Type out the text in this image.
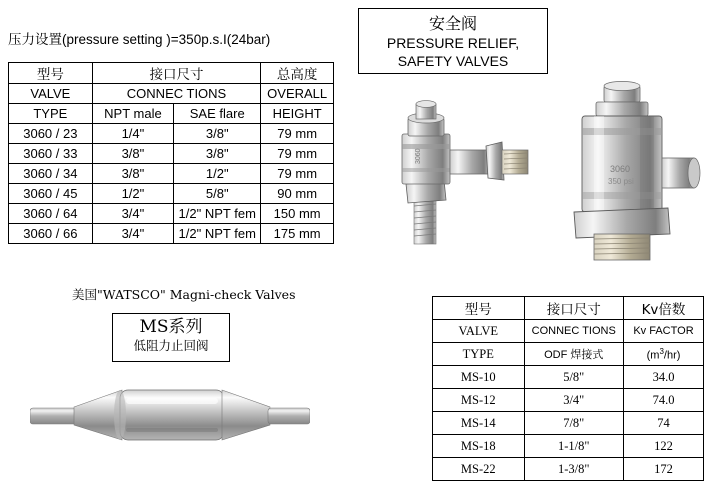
压力设置(pressure setting )=350p.s.I(24bar)
安全阀
PRESSURE RELIEF,
SAFETY VALVES
型号	接口尺寸		总高度
VALVE	CONNEC TIONS		OVERALL
TYPE	NPT male	SAE flare	HEIGHT
3060 / 23	1/4"	3/8"	79 mm
3060 / 33	3/8"	3/8"	79 mm
3060 / 34	3/8"	1/2"	79 mm
3060 / 45	1/2"	5/8"	90 mm
3060 / 64	3/4"	1/2" NPT fem	150 mm
3060 / 66	3/4"	1/2" NPT fem	175 mm
美国"WATSCO" Magni-check Valves
MS系列
低阻力止回阀
型号	接口尺寸	Kv倍数
VALVE	CONNEC TIONS	Kv FACTOR
TYPE	ODF 焊接式	$(m^3/hr)$
MS-10	5/8"	34.0
MS-12	3/4"	74.0
MS-14	7/8"	74
MS-18	1-1/8"	122
MS-22	1-3/8"	172
3060
3060
350 psi
